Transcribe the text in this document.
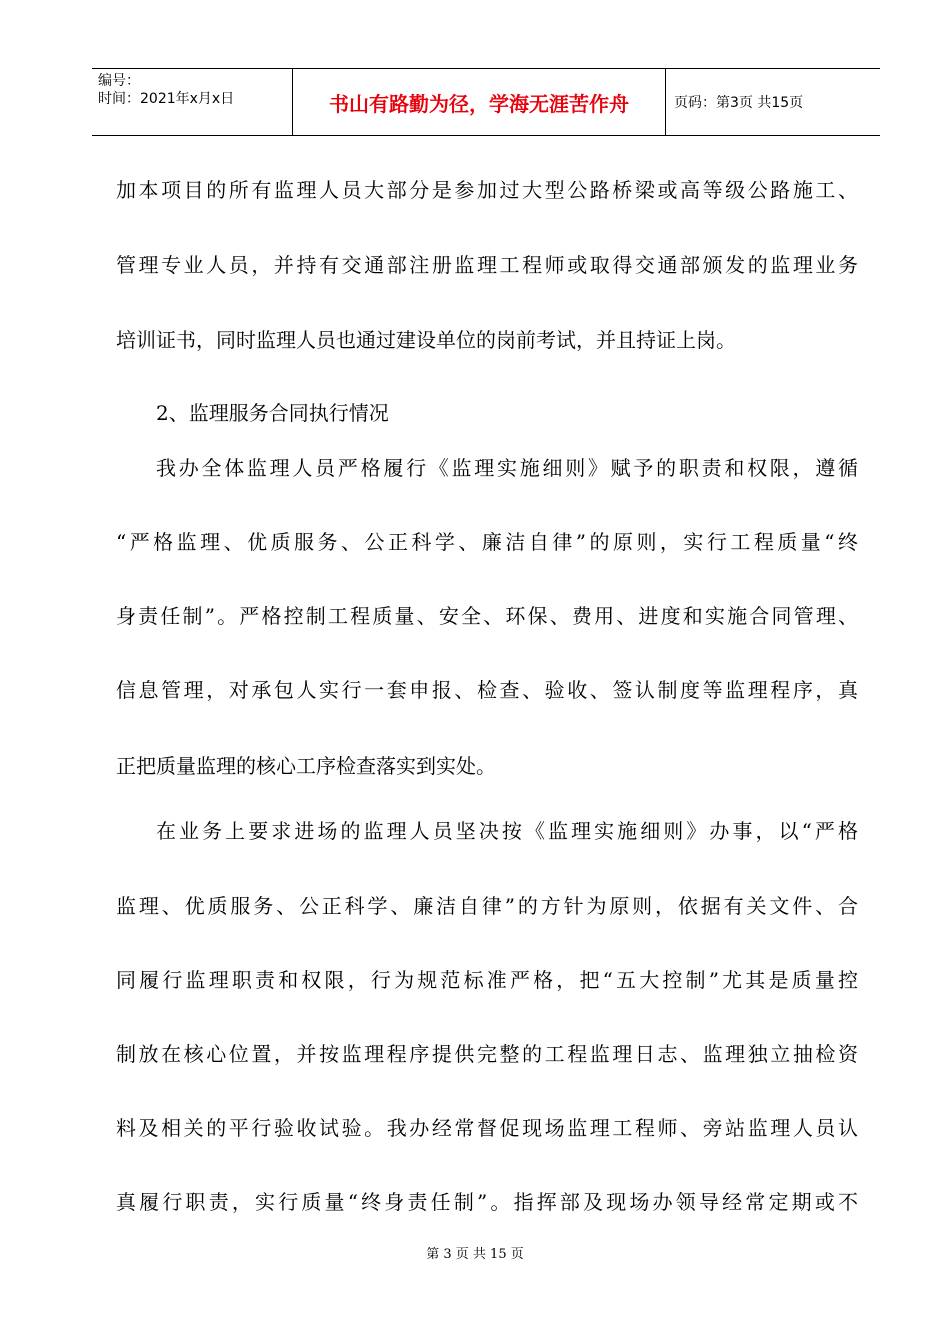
编号：
时间：2021年x月x日	书山有路勤为径，学海无涯苦作舟	页码：第3页 共15页
加本项目的所有监理人员大部分是参加过大型公路桥梁或高等级公路施工、
管理专业人员，并持有交通部注册监理工程师或取得交通部颁发的监理业务
培训证书，同时监理人员也通过建设单位的岗前考试，并且持证上岗。
2、监理服务合同执行情况
我办全体监理人员严格履行《监理实施细则》赋予的职责和权限，遵循
“严格监理、优质服务、公正科学、廉洁自律”的原则，实行工程质量“终
身责任制”。严格控制工程质量、安全、环保、费用、进度和实施合同管理、
信息管理，对承包人实行一套申报、检查、验收、签认制度等监理程序，真
正把质量监理的核心工序检查落实到实处。
在业务上要求进场的监理人员坚决按《监理实施细则》办事，以“严格
监理、优质服务、公正科学、廉洁自律”的方针为原则，依据有关文件、合
同履行监理职责和权限，行为规范标准严格，把“五大控制”尤其是质量控
制放在核心位置，并按监理程序提供完整的工程监理日志、监理独立抽检资
料及相关的平行验收试验。我办经常督促现场监理工程师、旁站监理人员认
真履行职责，实行质量“终身责任制”。指挥部及现场办领导经常定期或不
第 3 页 共 15 页
